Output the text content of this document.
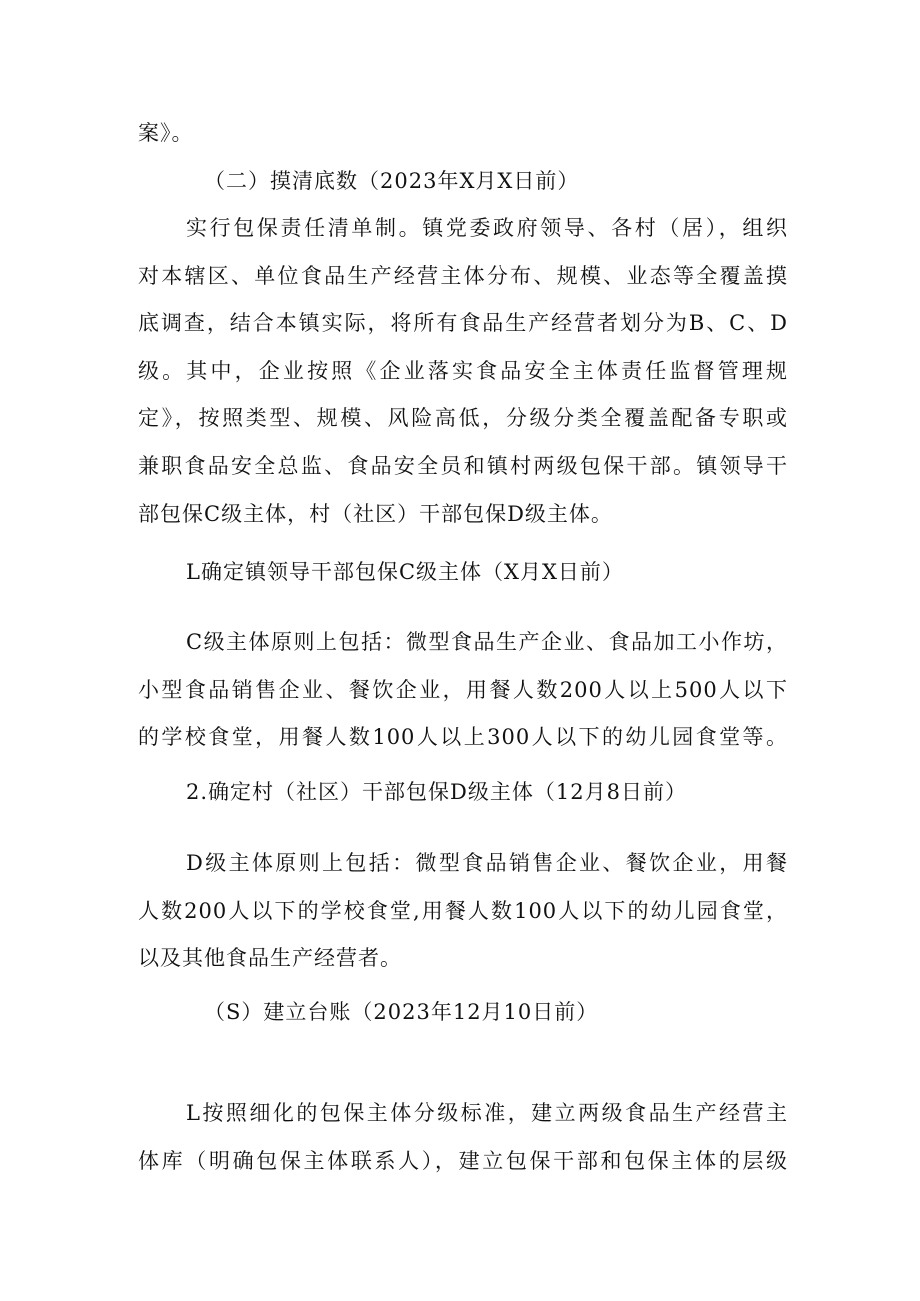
案》。
（二）摸清底数（2023年X月X日前）
实行包保责任清单制。镇党委政府领导、各村（居），组织
对本辖区、单位食品生产经营主体分布、规模、业态等全覆盖摸
底调查，结合本镇实际，将所有食品生产经营者划分为B、C、D
级。其中，企业按照《企业落实食品安全主体责任监督管理规
定》，按照类型、规模、风险高低，分级分类全覆盖配备专职或
兼职食品安全总监、食品安全员和镇村两级包保干部。镇领导干
部包保C级主体，村（社区）干部包保D级主体。
L确定镇领导干部包保C级主体（X月X日前）
C级主体原则上包括：微型食品生产企业、食品加工小作坊，
小型食品销售企业、餐饮企业，用餐人数200人以上500人以下
的学校食堂，用餐人数100人以上300人以下的幼儿园食堂等。
2.确定村（社区）干部包保D级主体（12月8日前）
D级主体原则上包括：微型食品销售企业、餐饮企业，用餐
人数200人以下的学校食堂,用餐人数100人以下的幼儿园食堂，
以及其他食品生产经营者。
（S）建立台账（2023年12月10日前）
L按照细化的包保主体分级标准，建立两级食品生产经营主
体库（明确包保主体联系人），建立包保干部和包保主体的层级
